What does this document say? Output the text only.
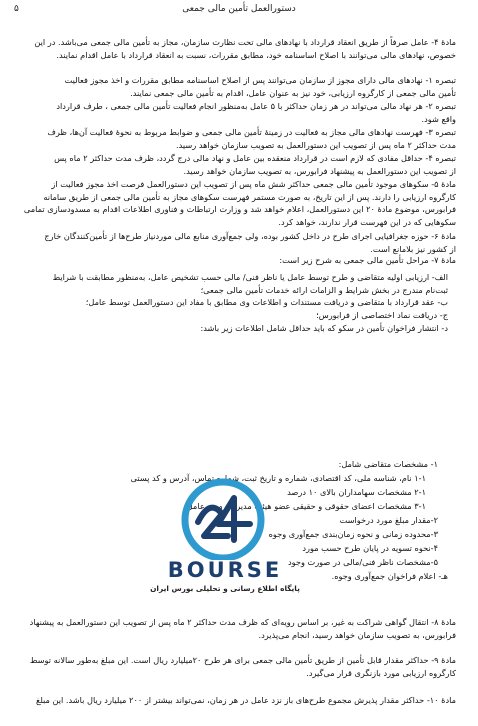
دستورالعمل تأمین مالی جمعی
۵
مادهٔ ۴- عامل صرفاً از طریق انعقاد قرارداد با نهادهای مالی تحت نظارت سازمان، مجاز به تأمین مالی جمعی می‌باشد. در این
خصوص، نهادهای مالی می‌توانند با اصلاح اساسنامه خود، مطابق مقررات، نسبت به انعقاد قرارداد با عامل اقدام نمایند.
تبصره ۱- نهادهای مالی دارای مجوز از سازمان می‌توانند پس از اصلاح اساسنامه مطابق مقررات و اخذ مجوز فعالیت
تأمین مالی جمعی از کارگروه ارزیابی، خود نیز به عنوان عامل، اقدام به تأمین مالی جمعی نمایند.
تبصره ۲- هر نهاد مالی می‌تواند در هر زمان حداکثر با ۵ عامل به‌منظور انجام فعالیت تأمین مالی جمعی ، طرف قرارداد
واقع شود.
تبصره ۳- فهرست نهادهای مالی مجاز به فعالیت در زمینهٔ تأمین مالی جمعی و ضوابط مربوط به نحوهٔ فعالیت آن‌ها، ظرف
مدت حداکثر ۲ ماه پس از تصویب این دستورالعمل به تصویب سازمان خواهد رسید.
تبصره ۴- حداقل مفادی که لازم است در قرارداد منعقده بین عامل و نهاد مالی درج گردد، ظرف مدت حداکثر ۲ ماه پس
از تصویب این دستورالعمل به پیشنهاد فرابورس، به تصویب سازمان خواهد رسید.
مادهٔ ۵- سکوهای موجود تأمین مالی جمعی حداکثر شش ماه پس از تصویب این دستورالعمل فرصت اخذ مجوز فعالیت از
کارگروه ارزیابی را دارند. پس از این تاریخ، به صورت مستمر فهرست سکوهای مجاز به تأمین مالی جمعی از طریق سامانه
فرابورس، موضوع مادهٔ ۲۰ این دستورالعمل، اعلام خواهد شد و وزارت ارتباطات و فناوری اطلاعات اقدام به مسدودسازی تمامی
سکوهایی که در این فهرست قرار ندارند، خواهد کرد.
مادهٔ ۶- حوزه جغرافیایی اجرای طرح در داخل کشور بوده، ولی جمع‌آوری منابع مالی موردنیاز طرح‌ها از تأمین‌کنندگان خارج
از کشور نیز بلامانع است.
مادهٔ ۷- مراحل تأمین مالی جمعی به شرح زیر است:
الف- ارزیابی اولیه متقاضی و طرح توسط عامل یا ناظر فنی/ مالی حسب تشخیص عامل، به‌منظور مطابقت با شرایط
ثبت‌نام مندرج در بخش شرایط و الزامات ارائه خدمات تأمین مالی جمعی؛
ب- عقد قرارداد با متقاضی و دریافت مستندات و اطلاعات وی مطابق با مفاد این دستورالعمل توسط عامل؛
ج- دریافت نماد اختصاصی از فرابورس؛
د- انتشار فراخوان تأمین در سکو که باید حداقل شامل اطلاعات زیر باشد:
۱- مشخصات متقاضی شامل:
۱-۱ نام، شناسه ملی، کد اقتصادی، شماره و تاریخ ثبت، شماره تماس، آدرس و کد پستی
۲-۱ مشخصات سهامداران بالای ۱۰ درصد
۳-۱ مشخصات اعضای حقوقی و حقیقی عضو هیئت مدیره و مدیر عامل
۲-مقدار مبلغ مورد درخواست
۳-محدوده زمانی و نحوه زمان‌بندی جمع‌آوری وجوه
۴-نحوه تسویه در پایان طرح حسب مورد
۵-مشخصات ناظر فنی/مالی در صورت وجود
هـ- اعلام فراخوان جمع‌آوری وجوه.
مادهٔ ۸- انتقال گواهی شراکت به غیر، بر اساس رویه‌ای که ظرف مدت حداکثر ۲ ماه پس از تصویب این دستورالعمل به پیشنهاد
فرابورس، به تصویب سازمان خواهد رسید، انجام می‌پذیرد.
مادهٔ ۹- حداکثر مقدار قابل تأمین از طریق تأمین مالی جمعی برای هر طرح ۲۰میلیارد ریال است. این مبلغ به‌طور سالانه توسط
کارگروه ارزیابی مورد بازنگری قرار می‌گیرد.
مادهٔ ۱۰- حداکثر مقدار پذیرش مجموع طرح‌های باز نزد عامل در هر زمان، نمی‌تواند بیشتر از ۲۰۰ میلیارد ریال باشد. این مبلغ
BOURSE
پایگاه اطلاع رسانی و تحلیلی بورس ایران
